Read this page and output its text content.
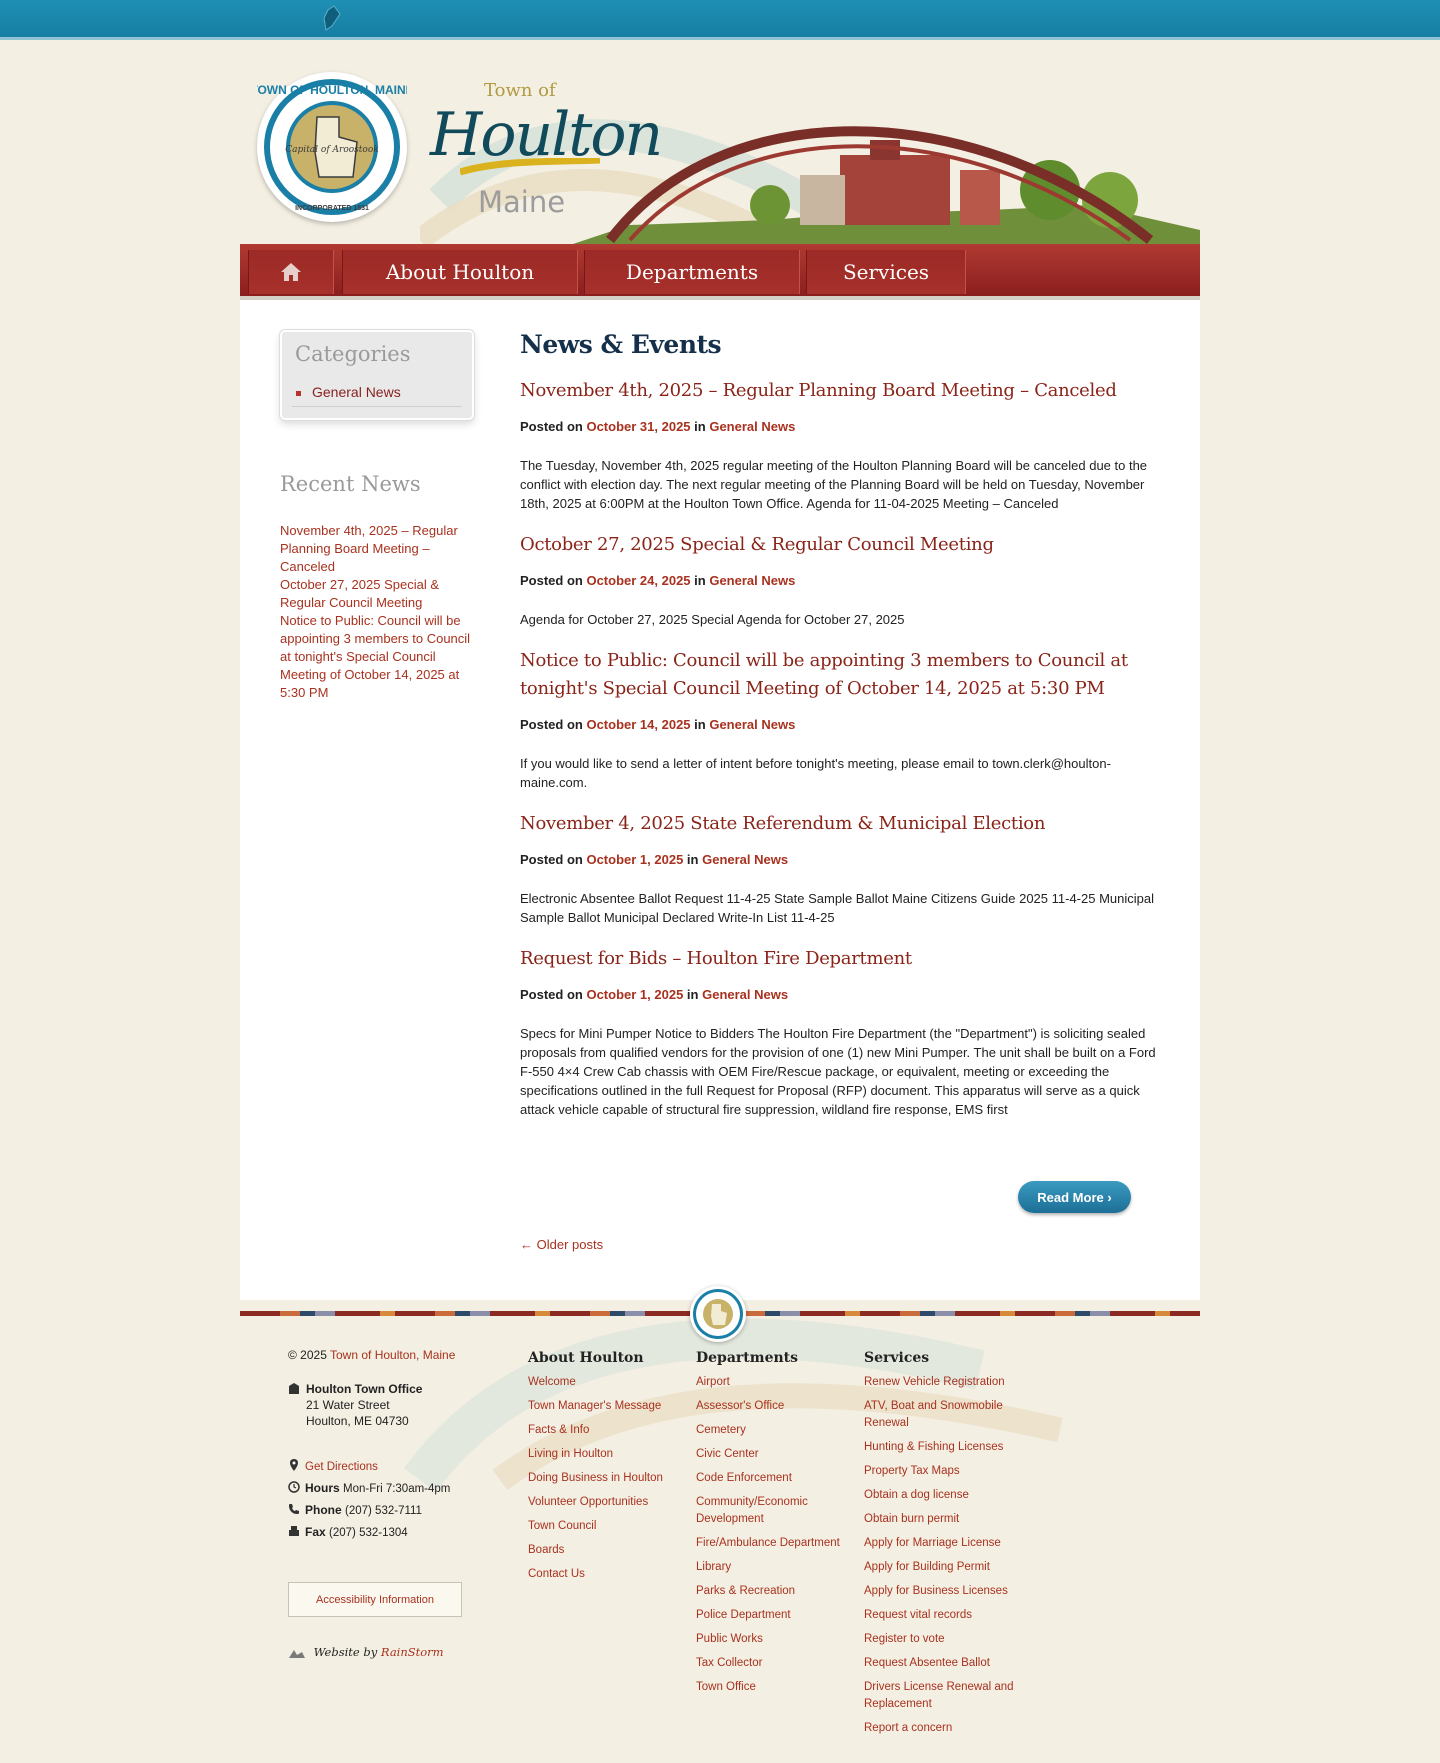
TOWN OF HOULTON, MAINE
Capital of Aroostook
INCORPORATED 1831
Town of
Houlton
Maine
About Houlton	Departments	Services
Categories
General News
Recent News
November 4th, 2025 – Regular Planning Board Meeting – Canceled
October 27, 2025 Special & Regular Council Meeting
Notice to Public: Council will be appointing 3 members to Council at tonight's Special Council Meeting of October 14, 2025 at 5:30 PM
News & Events
November 4th, 2025 – Regular Planning Board Meeting – Canceled
Posted on October 31, 2025 in General News

The Tuesday, November 4th, 2025 regular meeting of the Houlton Planning Board will be canceled due to the conflict with election day. The next regular meeting of the Planning Board will be held on Tuesday, November 18th, 2025 at 6:00PM at the Houlton Town Office. Agenda for 11-04-2025 Meeting – Canceled

October 27, 2025 Special & Regular Council Meeting
Posted on October 24, 2025 in General News

Agenda for October 27, 2025 Special Agenda for October 27, 2025

Notice to Public: Council will be appointing 3 members to Council at tonight's Special Council Meeting of October 14, 2025 at 5:30 PM
Posted on October 14, 2025 in General News

If you would like to send a letter of intent before tonight's meeting, please email to town.clerk@houlton-maine.com.

November 4, 2025 State Referendum & Municipal Election
Posted on October 1, 2025 in General News

Electronic Absentee Ballot Request 11-4-25 State Sample Ballot Maine Citizens Guide 2025 11-4-25 Municipal Sample Ballot Municipal Declared Write-In List 11-4-25

Request for Bids – Houlton Fire Department
Posted on October 1, 2025 in General News

Specs for Mini Pumper Notice to Bidders The Houlton Fire Department (the "Department") is soliciting sealed proposals from qualified vendors for the provision of one (1) new Mini Pumper. The unit shall be built on a Ford F-550 4×4 Crew Cab chassis with OEM Fire/Rescue package, or equivalent, meeting or exceeding the specifications outlined in the full Request for Proposal (RFP) document. This apparatus will serve as a quick attack vehicle capable of structural fire suppression, wildland fire response, EMS first

Read More
›
← Older posts
© 2025 Town of Houlton, Maine
Houlton Town Office
21 Water Street
Houlton, ME 04730
Get Directions
Hours Mon-Fri 7:30am-4pm
Phone (207) 532-7111
Fax (207) 532-1304
Accessibility Information
Website by RainStorm
About Houlton
Welcome
Town Manager's Message
Facts & Info
Living in Houlton
Doing Business in Houlton
Volunteer Opportunities
Town Council
Boards
Contact Us
Departments
Airport
Assessor's Office
Cemetery
Civic Center
Code Enforcement
Community/Economic Development
Fire/Ambulance Department
Library
Parks & Recreation
Police Department
Public Works
Tax Collector
Town Office
Services
Renew Vehicle Registration
ATV, Boat and Snowmobile Renewal
Hunting & Fishing Licenses
Property Tax Maps
Obtain a dog license
Obtain burn permit
Apply for Marriage License
Apply for Building Permit
Apply for Business Licenses
Request vital records
Register to vote
Request Absentee Ballot
Drivers License Renewal and Replacement
Report a concern
